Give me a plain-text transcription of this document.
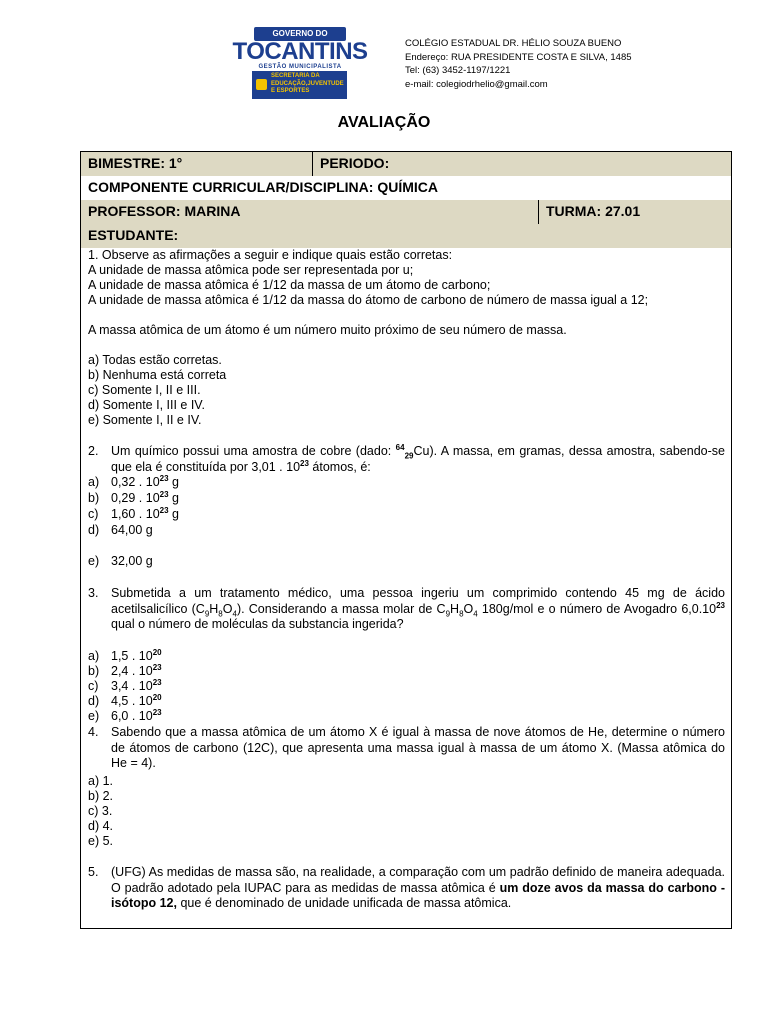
GOVERNO DO
TOCANTINS
GESTÃO MUNICIPALISTA
SECRETARIA DA EDUCAÇÃO,JUVENTUDE E ESPORTES
COLÉGIO ESTADUAL DR. HÉLIO SOUZA BUENO
Endereço: RUA PRESIDENTE COSTA E SILVA, 1485
Tel: (63) 3452-1197/1221
e-mail: colegiodrhelio@gmail.com
AVALIAÇÃO
BIMESTRE: 1°	PERIODO:
COMPONENTE CURRICULAR/DISCIPLINA: QUÍMICA
PROFESSOR: MARINA	TURMA: 27.01
ESTUDANTE:
1. Observe as afirmações a seguir e indique quais estão corretas:
A unidade de massa atômica pode ser representada por u;
A unidade de massa atômica é 1/12 da massa de um átomo de carbono;
A unidade de massa atômica é 1/12 da massa do átomo de carbono de número de massa igual a 12;
A massa atômica de um átomo é um número muito próximo de seu número de massa.
a) Todas estão corretas.
b) Nenhuma está correta
c) Somente I, II e III.
d) Somente I, III e IV.
e) Somente I, II e IV.
2. Um químico possui uma amostra de cobre (dado: $^{64}_{29}$Cu). A massa, em gramas, dessa amostra, sabendo-se que ela é constituída por 3,01 . $10^{23}$ átomos, é:
a) 0,32 . $10^{23}$ g
b) 0,29 . $10^{23}$ g
c) 1,60 . $10^{23}$ g
d) 64,00 g
e) 32,00 g
3. Submetida a um tratamento médico, uma pessoa ingeriu um comprimido contendo 45 mg de ácido acetilsalicílico $(C_9H_8O_4)$. Considerando a massa molar de $C_9H_8O_4$ 180g/mol e o número de Avogadro 6,0.10$^{23}$ qual o número de moléculas da substancia ingerida?
a) 1,5 . $10^{20}$
b) 2,4 . $10^{23}$
c) 3,4 . $10^{23}$
d) 4,5 . $10^{20}$
e) 6,0 . $10^{23}$
4. Sabendo que a massa atômica de um átomo X é igual à massa de nove átomos de He, determine o número de átomos de carbono (12C), que apresenta uma massa igual à massa de um átomo X. (Massa atômica do He = 4).
a) 1.
b) 2.
c) 3.
d) 4.
e) 5.
5. (UFG) As medidas de massa são, na realidade, a comparação com um padrão definido de maneira adequada. O padrão adotado pela IUPAC para as medidas de massa atômica é um doze avos da massa do carbono - isótopo 12, que é denominado de unidade unificada de massa atômica.
